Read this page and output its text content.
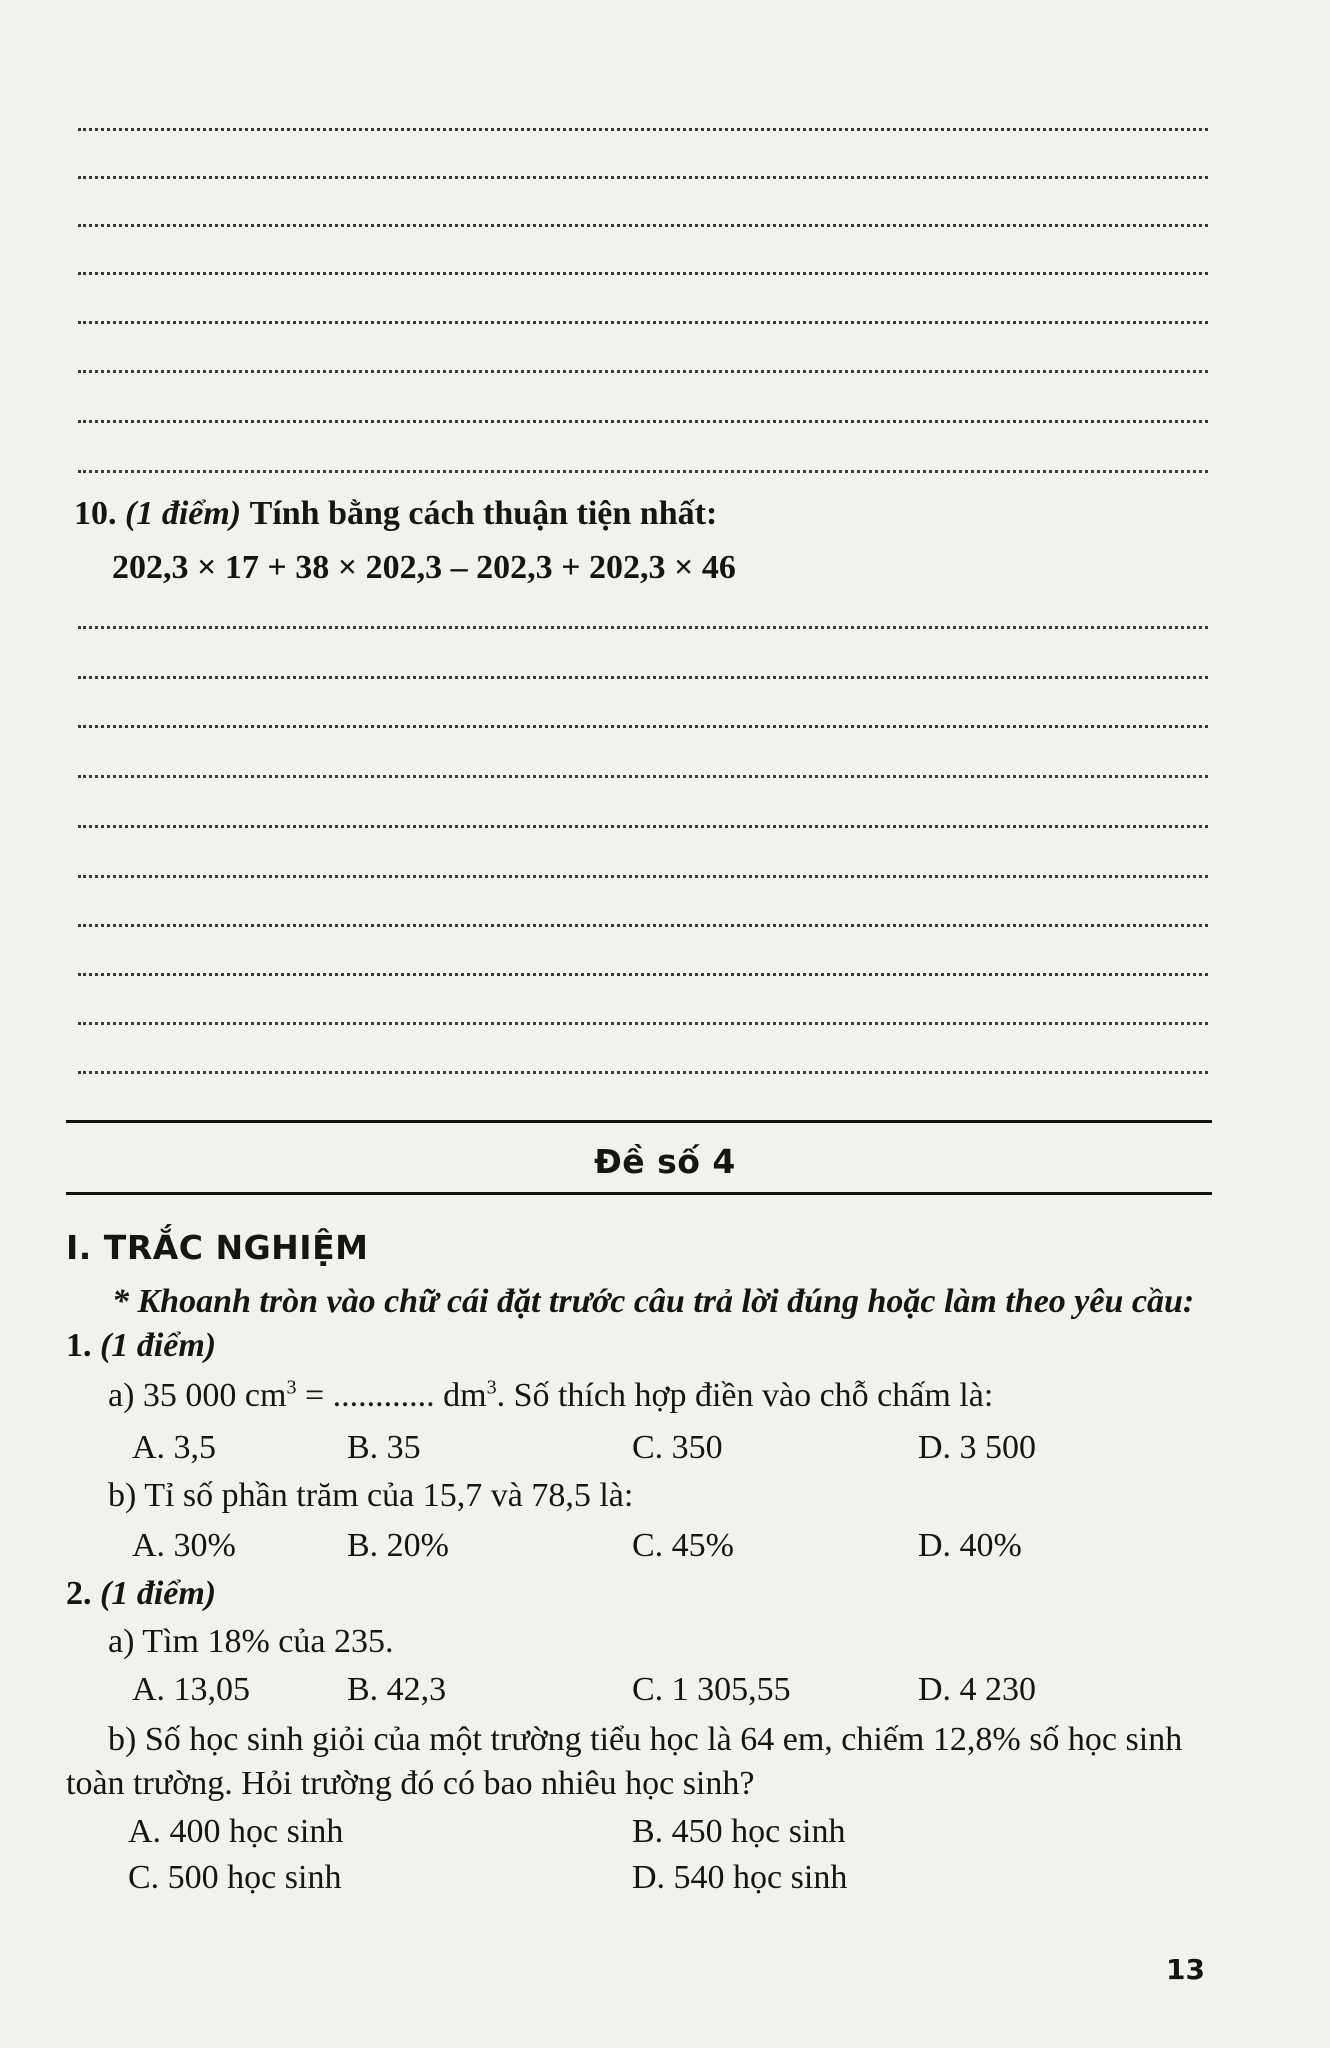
10. (1 điểm) Tính bằng cách thuận tiện nhất:
202,3 × 17 + 38 × 202,3 – 202,3 + 202,3 × 46
Đề số 4
I. TRẮC NGHIỆM
* Khoanh tròn vào chữ cái đặt trước câu trả lời đúng hoặc làm theo yêu cầu:
1. (1 điểm)
a) 35 000 $cm^3$ = ............ $dm^3$. Số thích hợp điền vào chỗ chấm là:
A. 3,5	B. 35	C. 350	D. 3 500
b) Tỉ số phần trăm của 15,7 và 78,5 là:
A. 30%	B. 20%	C. 45%	D. 40%
2. (1 điểm)
a) Tìm 18% của 235.
A. 13,05	B. 42,3	C. 1 305,55	D. 4 230
b) Số học sinh giỏi của một trường tiểu học là 64 em, chiếm 12,8% số học sinh
toàn trường. Hỏi trường đó có bao nhiêu học sinh?
A. 400 học sinh	B. 450 học sinh
C. 500 học sinh	D. 540 học sinh
13
